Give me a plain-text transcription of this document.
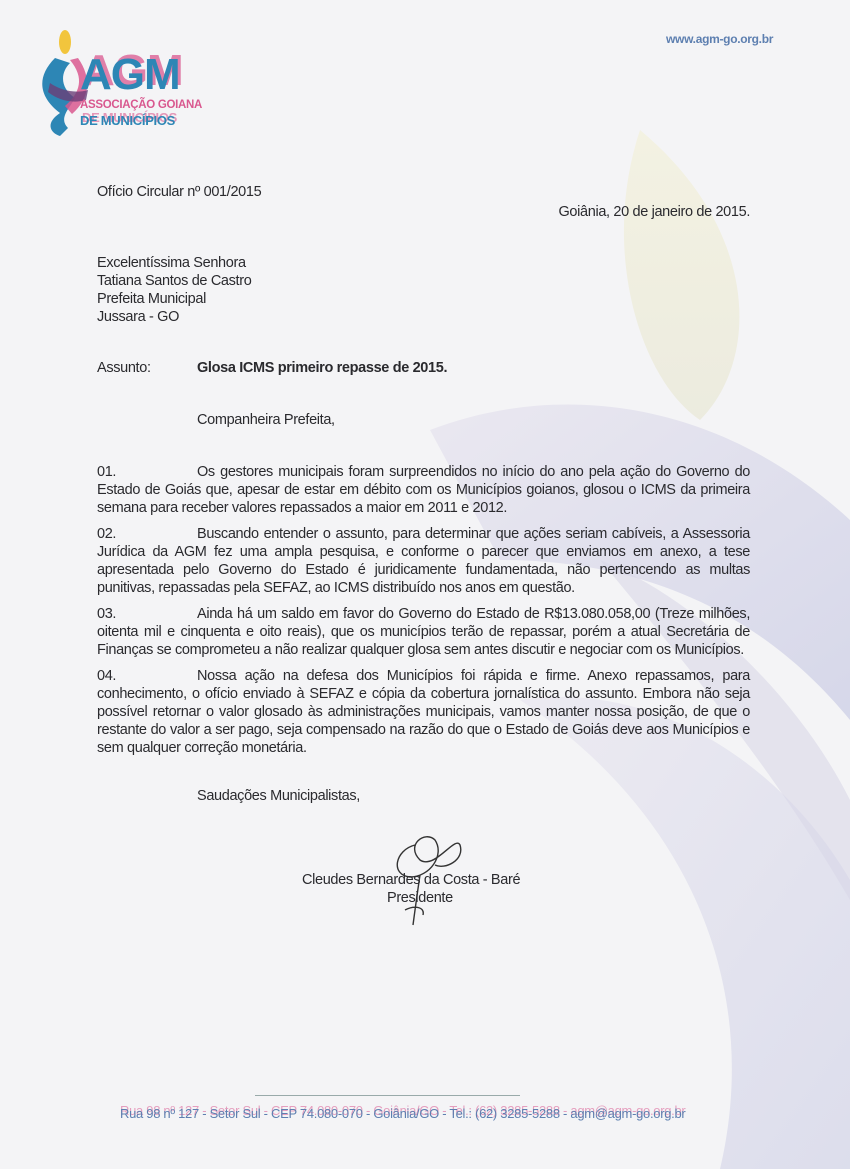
AGM
ASSOCIAÇÃO GOIANA
DE MUNICÍPIOS
www.agm-go.org.br
Ofício Circular nº 001/2015
Goiânia, 20 de janeiro de 2015.
Excelentíssima Senhora
Tatiana Santos de Castro
Prefeita Municipal
Jussara - GO
Assunto:	Glosa ICMS primeiro repasse de 2015.
Companheira Prefeita,

01.	Os gestores municipais foram surpreendidos no início do ano pela ação do Governo do Estado de Goiás que, apesar de estar em débito com os Municípios goianos, glosou o ICMS da primeira semana para receber valores repassados a maior em 2011 e 2012.

02.	Buscando entender o assunto, para determinar que ações seriam cabíveis, a Assessoria Jurídica da AGM fez uma ampla pesquisa, e conforme o parecer que enviamos em anexo, a tese apresentada pelo Governo do Estado é juridicamente fundamentada, não pertencendo as multas punitivas, repassadas pela SEFAZ, ao ICMS distribuído nos anos em questão.

03.	Ainda há um saldo em favor do Governo do Estado de R$13.080.058,00 (Treze milhões, oitenta mil e cinquenta e oito reais), que os municípios terão de repassar, porém a atual Secretária de Finanças se comprometeu a não realizar qualquer glosa sem antes discutir e negociar com os Municípios.

04.	Nossa ação na defesa dos Municípios foi rápida e firme. Anexo repassamos, para conhecimento, o ofício enviado à SEFAZ e cópia da cobertura jornalística do assunto. Embora não seja possível retornar o valor glosado às administrações municipais, vamos manter nossa posição, de que o restante do valor a ser pago, seja compensado na razão do que o Estado de Goiás deve aos Municípios e sem qualquer correção monetária.

Saudações Municipalistas,
Cleudes Bernardes da Costa - Baré
Presidente
Rua 98 nº 127 - Setor Sul - CEP 74.080-070 - Goiânia/GO - Tel.: (62) 3285-5288 - agm@agm-go.org.br
